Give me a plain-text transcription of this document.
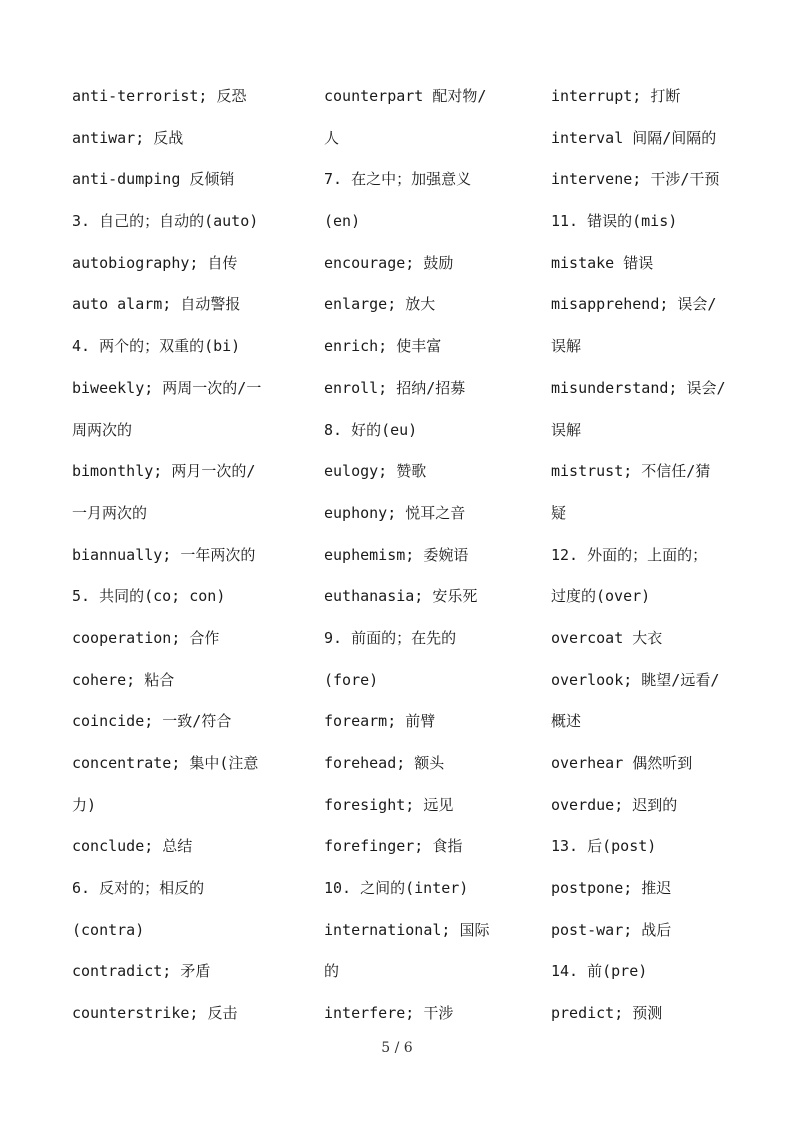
anti-terrorist; 反恐
antiwar; 反战
anti-dumping 反倾销
3. 自己的；自动的(auto)
autobiography; 自传
auto alarm; 自动警报
4. 两个的；双重的(bi)
biweekly; 两周一次的/一
周两次的
bimonthly; 两月一次的/
一月两次的
biannually; 一年两次的
5. 共同的(co; con)
cooperation; 合作
cohere; 粘合
coincide; 一致/符合
concentrate; 集中(注意
力)
conclude; 总结
6. 反对的；相反的
(contra)
contradict; 矛盾
counterstrike; 反击
counterpart 配对物/
人
7. 在之中；加强意义
(en)
encourage; 鼓励
enlarge; 放大
enrich; 使丰富
enroll; 招纳/招募
8. 好的(eu)
eulogy; 赞歌
euphony; 悦耳之音
euphemism; 委婉语
euthanasia; 安乐死
9. 前面的；在先的
(fore)
forearm; 前臂
forehead; 额头
foresight; 远见
forefinger; 食指
10. 之间的(inter)
international; 国际
的
interfere; 干涉
interrupt; 打断
interval 间隔/间隔的
intervene; 干涉/干预
11. 错误的(mis)
mistake 错误
misapprehend; 误会/
误解
misunderstand; 误会/
误解
mistrust; 不信任/猜
疑
12. 外面的；上面的；
过度的(over)
overcoat 大衣
overlook; 眺望/远看/
概述
overhear 偶然听到
overdue; 迟到的
13. 后(post)
postpone; 推迟
post-war; 战后
14. 前(pre)
predict; 预测
5 / 6
